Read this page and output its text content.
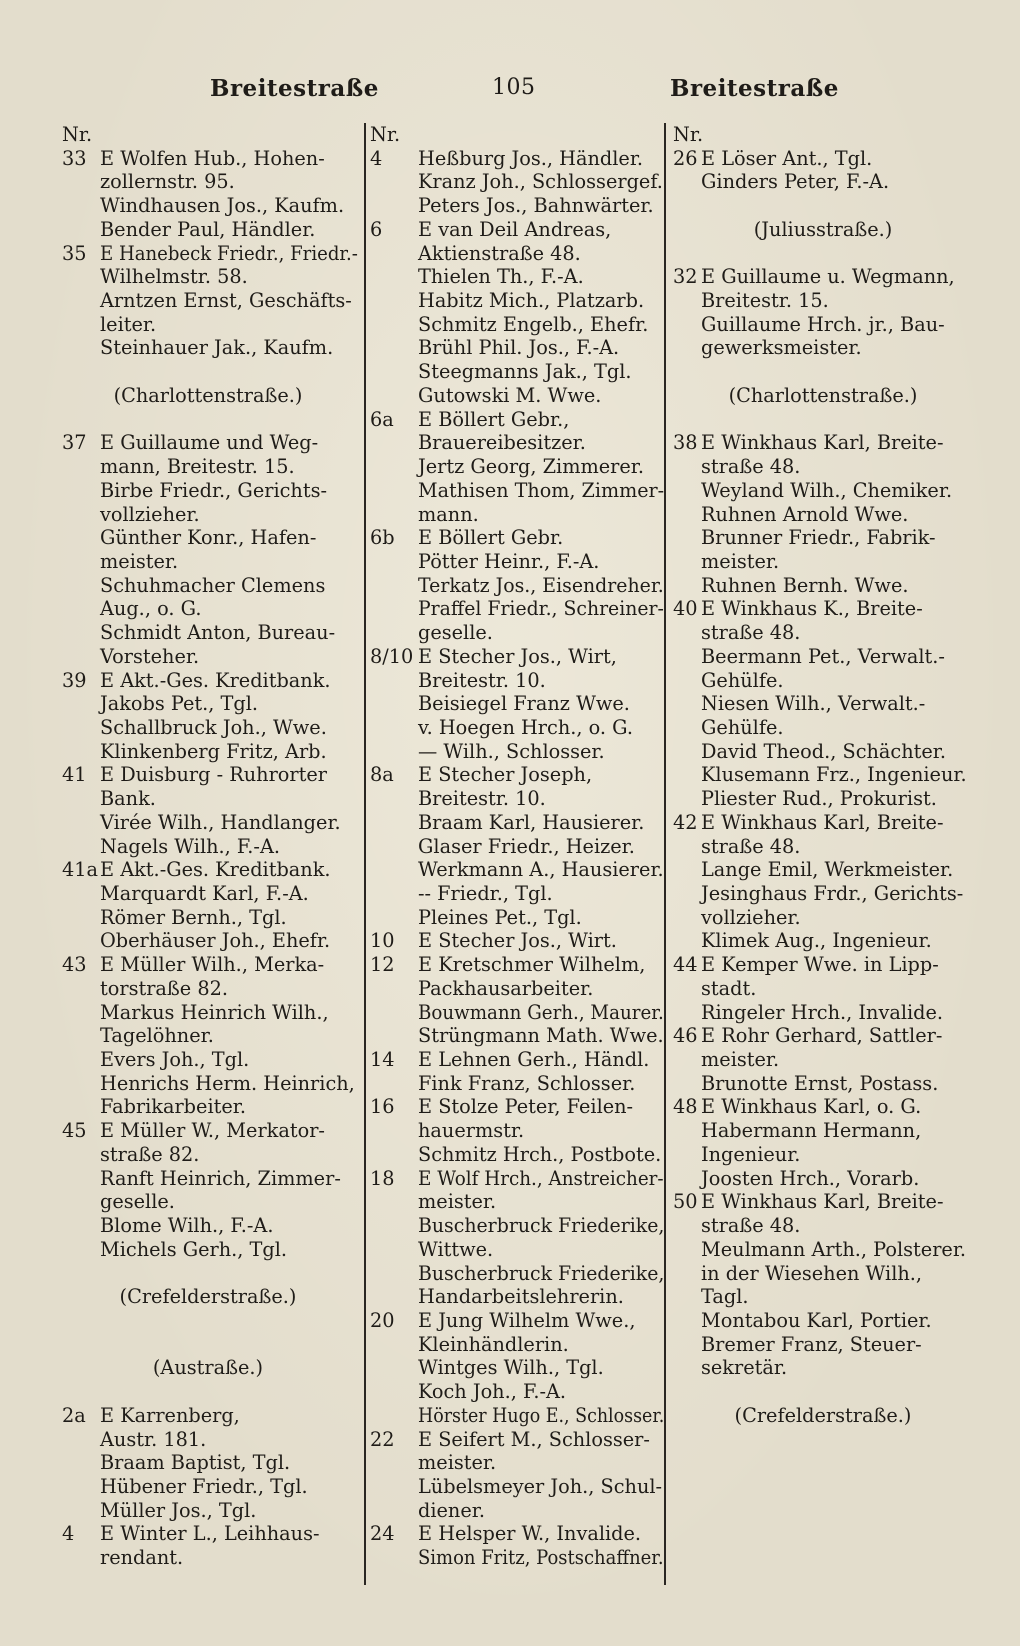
Breitestraße	105	Breitestraße
Nr.
33 E Wolfen Hub., Hohen-
zollernstr. 95.
Windhausen Jos., Kaufm.
Bender Paul, Händler.
35 E Hanebeck Friedr., Friedr.-
Wilhelmstr. 58.
Arntzen Ernst, Geschäfts-
leiter.
Steinhauer Jak., Kaufm.
(Charlottenstraße.)
37 E Guillaume und Weg-
mann, Breitestr. 15.
Birbe Friedr., Gerichts-
vollzieher.
Günther Konr., Hafen-
meister.
Schuhmacher Clemens
Aug., o. G.
Schmidt Anton, Bureau-
Vorsteher.
39 E Akt.-Ges. Kreditbank.
Jakobs Pet., Tgl.
Schallbruck Joh., Wwe.
Klinkenberg Fritz, Arb.
41 E Duisburg - Ruhrorter
Bank.
Virée Wilh., Handlanger.
Nagels Wilh., F.-A.
41a E Akt.-Ges. Kreditbank.
Marquardt Karl, F.-A.
Römer Bernh., Tgl.
Oberhäuser Joh., Ehefr.
43 E Müller Wilh., Merka-
torstraße 82.
Markus Heinrich Wilh.,
Tagelöhner.
Evers Joh., Tgl.
Henrichs Herm. Heinrich,
Fabrikarbeiter.
45 E Müller W., Merkator-
straße 82.
Ranft Heinrich, Zimmer-
geselle.
Blome Wilh., F.-A.
Michels Gerh., Tgl.
(Crefelderstraße.)
(Austraße.)
2a E Karrenberg,
Austr. 181.
Braam Baptist, Tgl.
Hübener Friedr., Tgl.
Müller Jos., Tgl.
4 E Winter L., Leihhaus-
rendant.
Nr.
4 Heßburg Jos., Händler.
Kranz Joh., Schlossergef.
Peters Jos., Bahnwärter.
6 E van Deil Andreas,
Aktienstraße 48.
Thielen Th., F.-A.
Habitz Mich., Platzarb.
Schmitz Engelb., Ehefr.
Brühl Phil. Jos., F.-A.
Steegmanns Jak., Tgl.
Gutowski M. Wwe.
6a E Böllert Gebr.,
Brauereibesitzer.
Jertz Georg, Zimmerer.
Mathisen Thom, Zimmer-
mann.
6b E Böllert Gebr.
Pötter Heinr., F.-A.
Terkatz Jos., Eisendreher.
Praffel Friedr., Schreiner-
geselle.
8/10 E Stecher Jos., Wirt,
Breitestr. 10.
Beisiegel Franz Wwe.
v. Hoegen Hrch., o. G.
— Wilh., Schlosser.
8a E Stecher Joseph,
Breitestr. 10.
Braam Karl, Hausierer.
Glaser Friedr., Heizer.
Werkmann A., Hausierer.
-- Friedr., Tgl.
Pleines Pet., Tgl.
10 E Stecher Jos., Wirt.
12 E Kretschmer Wilhelm,
Packhausarbeiter.
Bouwmann Gerh., Maurer.
Strüngmann Math. Wwe.
14 E Lehnen Gerh., Händl.
Fink Franz, Schlosser.
16 E Stolze Peter, Feilen-
hauermstr.
Schmitz Hrch., Postbote.
18 E Wolf Hrch., Anstreicher-
meister.
Buscherbruck Friederike,
Wittwe.
Buscherbruck Friederike,
Handarbeitslehrerin.
20 E Jung Wilhelm Wwe.,
Kleinhändlerin.
Wintges Wilh., Tgl.
Koch Joh., F.-A.
Hörster Hugo E., Schlosser.
22 E Seifert M., Schlosser-
meister.
Lübelsmeyer Joh., Schul-
diener.
24 E Helsper W., Invalide.
Simon Fritz, Postschaffner.
Nr.
26 E Löser Ant., Tgl.
Ginders Peter, F.-A.
(Juliusstraße.)
32 E Guillaume u. Wegmann,
Breitestr. 15.
Guillaume Hrch. jr., Bau-
gewerksmeister.
(Charlottenstraße.)
38 E Winkhaus Karl, Breite-
straße 48.
Weyland Wilh., Chemiker.
Ruhnen Arnold Wwe.
Brunner Friedr., Fabrik-
meister.
Ruhnen Bernh. Wwe.
40 E Winkhaus K., Breite-
straße 48.
Beermann Pet., Verwalt.-
Gehülfe.
Niesen Wilh., Verwalt.-
Gehülfe.
David Theod., Schächter.
Klusemann Frz., Ingenieur.
Pliester Rud., Prokurist.
42 E Winkhaus Karl, Breite-
straße 48.
Lange Emil, Werkmeister.
Jesinghaus Frdr., Gerichts-
vollzieher.
Klimek Aug., Ingenieur.
44 E Kemper Wwe. in Lipp-
stadt.
Ringeler Hrch., Invalide.
46 E Rohr Gerhard, Sattler-
meister.
Brunotte Ernst, Postass.
48 E Winkhaus Karl, o. G.
Habermann Hermann,
Ingenieur.
Joosten Hrch., Vorarb.
50 E Winkhaus Karl, Breite-
straße 48.
Meulmann Arth., Polsterer.
in der Wiesehen Wilh.,
Tagl.
Montabou Karl, Portier.
Bremer Franz, Steuer-
sekretär.
(Crefelderstraße.)
